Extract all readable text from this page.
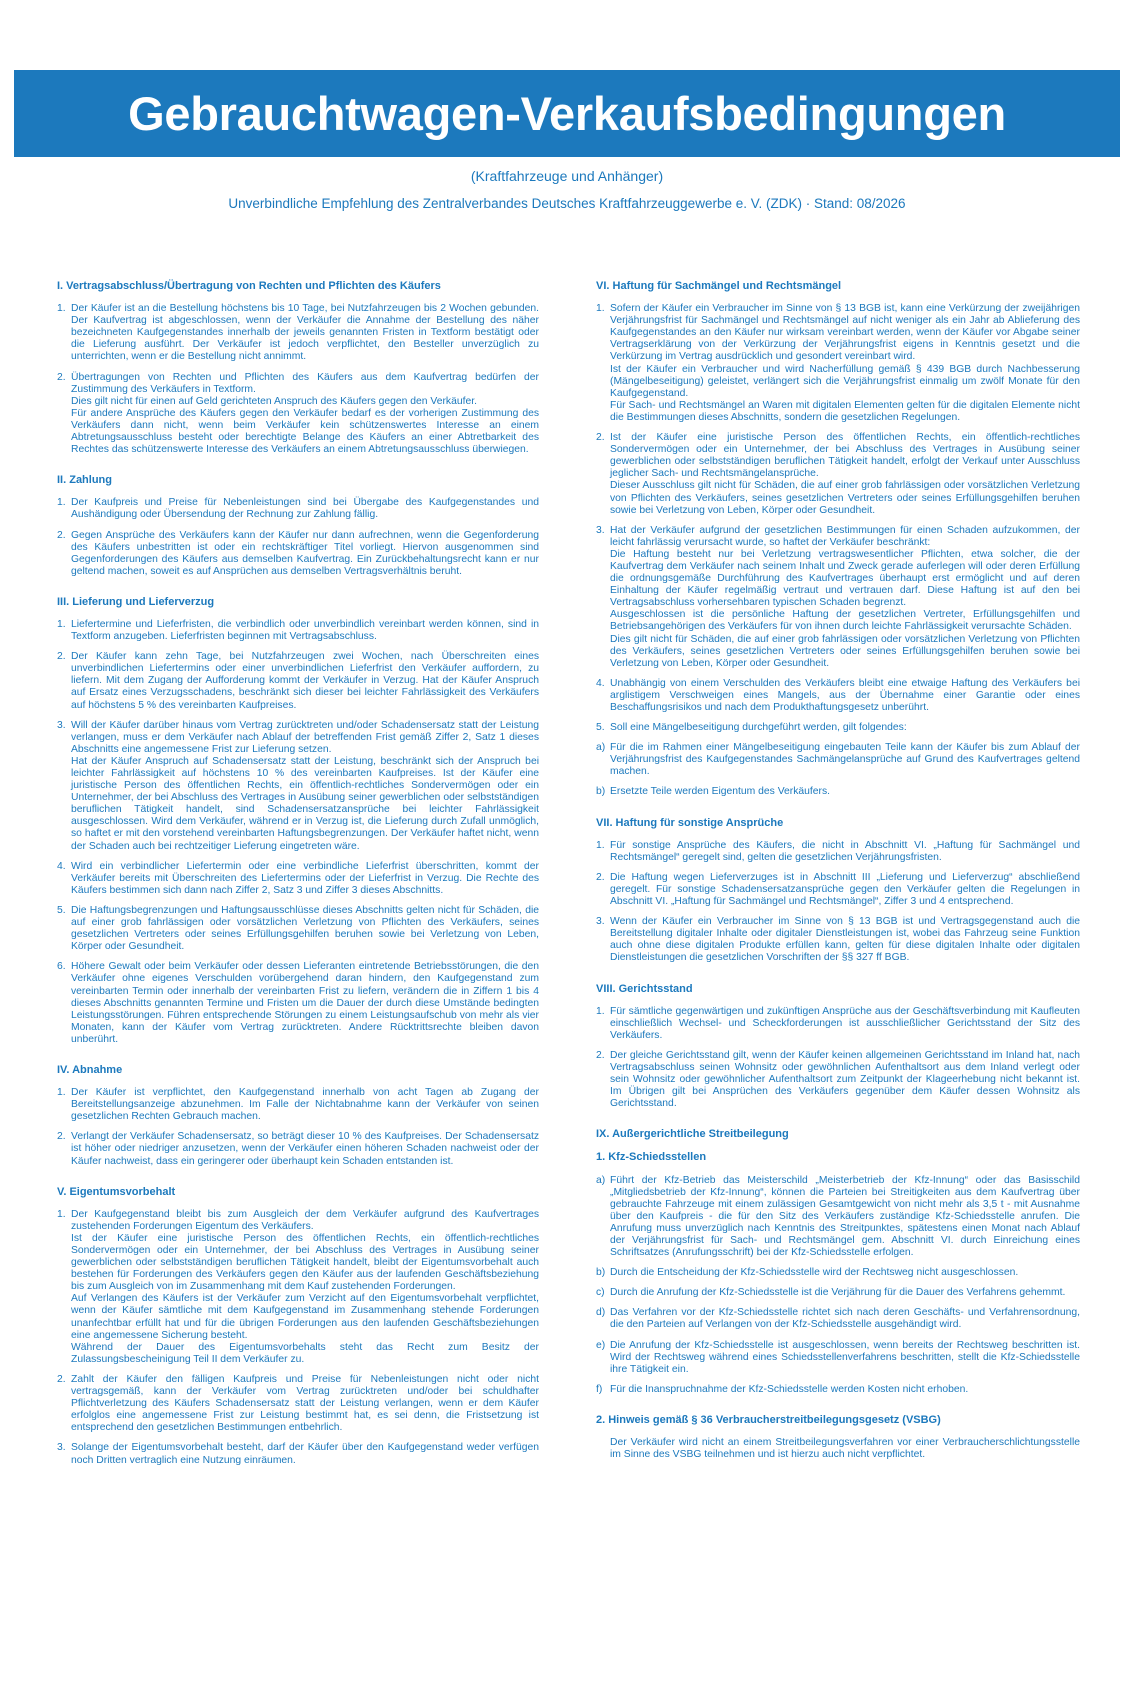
Gebrauchtwagen-Verkaufsbedingungen
(Kraftfahrzeuge und Anhänger)
Unverbindliche Empfehlung des Zentralverbandes Deutsches Kraftfahrzeuggewerbe e. V. (ZDK) · Stand: 08/2026
I. Vertragsabschluss/Übertragung von Rechten und Pflichten des Käufers
1. Der Käufer ist an die Bestellung höchstens bis 10 Tage, bei Nutzfahrzeugen bis 2 Wochen gebunden. Der Kaufvertrag ist abgeschlossen, wenn der Verkäufer die Annahme der Bestellung des näher bezeichneten Kaufgegenstandes innerhalb der jeweils genannten Fristen in Textform bestätigt oder die Lieferung ausführt. Der Verkäufer ist jedoch verpflichtet, den Besteller unverzüglich zu unterrichten, wenn er die Bestellung nicht annimmt.
2. Übertragungen von Rechten und Pflichten des Käufers aus dem Kaufvertrag bedürfen der Zustimmung des Verkäufers in Textform.
Dies gilt nicht für einen auf Geld gerichteten Anspruch des Käufers gegen den Verkäufer.
Für andere Ansprüche des Käufers gegen den Verkäufer bedarf es der vorherigen Zustimmung des Verkäufers dann nicht, wenn beim Verkäufer kein schützenswertes Interesse an einem Abtretungsausschluss besteht oder berechtigte Belange des Käufers an einer Abtretbarkeit des Rechtes das schützenswerte Interesse des Verkäufers an einem Abtretungsausschluss überwiegen.
II. Zahlung
1. Der Kaufpreis und Preise für Nebenleistungen sind bei Übergabe des Kaufgegenstandes und Aushändigung oder Übersendung der Rechnung zur Zahlung fällig.
2. Gegen Ansprüche des Verkäufers kann der Käufer nur dann aufrechnen, wenn die Gegenforderung des Käufers unbestritten ist oder ein rechtskräftiger Titel vorliegt. Hiervon ausgenommen sind Gegenforderungen des Käufers aus demselben Kaufvertrag. Ein Zurückbehaltungsrecht kann er nur geltend machen, soweit es auf Ansprüchen aus demselben Vertragsverhältnis beruht.
III. Lieferung und Lieferverzug
1. Liefertermine und Lieferfristen, die verbindlich oder unverbindlich vereinbart werden können, sind in Textform anzugeben. Lieferfristen beginnen mit Vertragsabschluss.
2. Der Käufer kann zehn Tage, bei Nutzfahrzeugen zwei Wochen, nach Überschreiten eines unverbindlichen Liefertermins oder einer unverbindlichen Lieferfrist den Verkäufer auffordern, zu liefern. Mit dem Zugang der Aufforderung kommt der Verkäufer in Verzug. Hat der Käufer Anspruch auf Ersatz eines Verzugsschadens, beschränkt sich dieser bei leichter Fahrlässigkeit des Verkäufers auf höchstens 5 % des vereinbarten Kaufpreises.
3. Will der Käufer darüber hinaus vom Vertrag zurücktreten und/oder Schadensersatz statt der Leistung verlangen, muss er dem Verkäufer nach Ablauf der betreffenden Frist gemäß Ziffer 2, Satz 1 dieses Abschnitts eine angemessene Frist zur Lieferung setzen.
Hat der Käufer Anspruch auf Schadensersatz statt der Leistung, beschränkt sich der Anspruch bei leichter Fahrlässigkeit auf höchstens 10 % des vereinbarten Kaufpreises. Ist der Käufer eine juristische Person des öffentlichen Rechts, ein öffentlich-rechtliches Sondervermögen oder ein Unternehmer, der bei Abschluss des Vertrages in Ausübung seiner gewerblichen oder selbstständigen beruflichen Tätigkeit handelt, sind Schadensersatzansprüche bei leichter Fahrlässigkeit ausgeschlossen. Wird dem Verkäufer, während er in Verzug ist, die Lieferung durch Zufall unmöglich, so haftet er mit den vorstehend vereinbarten Haftungsbegrenzungen. Der Verkäufer haftet nicht, wenn der Schaden auch bei rechtzeitiger Lieferung eingetreten wäre.
4. Wird ein verbindlicher Liefertermin oder eine verbindliche Lieferfrist überschritten, kommt der Verkäufer bereits mit Überschreiten des Liefertermins oder der Lieferfrist in Verzug. Die Rechte des Käufers bestimmen sich dann nach Ziffer 2, Satz 3 und Ziffer 3 dieses Abschnitts.
5. Die Haftungsbegrenzungen und Haftungsausschlüsse dieses Abschnitts gelten nicht für Schäden, die auf einer grob fahrlässigen oder vorsätzlichen Verletzung von Pflichten des Verkäufers, seines gesetzlichen Vertreters oder seines Erfüllungsgehilfen beruhen sowie bei Verletzung von Leben, Körper oder Gesundheit.
6. Höhere Gewalt oder beim Verkäufer oder dessen Lieferanten eintretende Betriebsstörungen, die den Verkäufer ohne eigenes Verschulden vorübergehend daran hindern, den Kaufgegenstand zum vereinbarten Termin oder innerhalb der vereinbarten Frist zu liefern, verändern die in Ziffern 1 bis 4 dieses Abschnitts genannten Termine und Fristen um die Dauer der durch diese Umstände bedingten Leistungsstörungen. Führen entsprechende Störungen zu einem Leistungsaufschub von mehr als vier Monaten, kann der Käufer vom Vertrag zurücktreten. Andere Rücktrittsrechte bleiben davon unberührt.
IV. Abnahme
1. Der Käufer ist verpflichtet, den Kaufgegenstand innerhalb von acht Tagen ab Zugang der Bereitstellungsanzeige abzunehmen. Im Falle der Nichtabnahme kann der Verkäufer von seinen gesetzlichen Rechten Gebrauch machen.
2. Verlangt der Verkäufer Schadensersatz, so beträgt dieser 10 % des Kaufpreises. Der Schadensersatz ist höher oder niedriger anzusetzen, wenn der Verkäufer einen höheren Schaden nachweist oder der Käufer nachweist, dass ein geringerer oder überhaupt kein Schaden entstanden ist.
V. Eigentumsvorbehalt
1. Der Kaufgegenstand bleibt bis zum Ausgleich der dem Verkäufer aufgrund des Kaufvertrages zustehenden Forderungen Eigentum des Verkäufers.
Ist der Käufer eine juristische Person des öffentlichen Rechts, ein öffentlich-rechtliches Sondervermögen oder ein Unternehmer, der bei Abschluss des Vertrages in Ausübung seiner gewerblichen oder selbstständigen beruflichen Tätigkeit handelt, bleibt der Eigentumsvorbehalt auch bestehen für Forderungen des Verkäufers gegen den Käufer aus der laufenden Geschäftsbeziehung bis zum Ausgleich von im Zusammenhang mit dem Kauf zustehenden Forderungen.
Auf Verlangen des Käufers ist der Verkäufer zum Verzicht auf den Eigentumsvorbehalt verpflichtet, wenn der Käufer sämtliche mit dem Kaufgegenstand im Zusammenhang stehende Forderungen unanfechtbar erfüllt hat und für die übrigen Forderungen aus den laufenden Geschäftsbeziehungen eine angemessene Sicherung besteht.
Während der Dauer des Eigentumsvorbehalts steht das Recht zum Besitz der Zulassungsbescheinigung Teil II dem Verkäufer zu.
2. Zahlt der Käufer den fälligen Kaufpreis und Preise für Nebenleistungen nicht oder nicht vertragsgemäß, kann der Verkäufer vom Vertrag zurücktreten und/oder bei schuldhafter Pflichtverletzung des Käufers Schadensersatz statt der Leistung verlangen, wenn er dem Käufer erfolglos eine angemessene Frist zur Leistung bestimmt hat, es sei denn, die Fristsetzung ist entsprechend den gesetzlichen Bestimmungen entbehrlich.
3. Solange der Eigentumsvorbehalt besteht, darf der Käufer über den Kaufgegenstand weder verfügen noch Dritten vertraglich eine Nutzung einräumen.
VI. Haftung für Sachmängel und Rechtsmängel
1. Sofern der Käufer ein Verbraucher im Sinne von § 13 BGB ist, kann eine Verkürzung der zweijährigen Verjährungsfrist für Sachmängel und Rechtsmängel auf nicht weniger als ein Jahr ab Ablieferung des Kaufgegenstandes an den Käufer nur wirksam vereinbart werden, wenn der Käufer vor Abgabe seiner Vertragserklärung von der Verkürzung der Verjährungsfrist eigens in Kenntnis gesetzt und die Verkürzung im Vertrag ausdrücklich und gesondert vereinbart wird.
Ist der Käufer ein Verbraucher und wird Nacherfüllung gemäß § 439 BGB durch Nachbesserung (Mängelbeseitigung) geleistet, verlängert sich die Verjährungsfrist einmalig um zwölf Monate für den Kaufgegenstand.
Für Sach- und Rechtsmängel an Waren mit digitalen Elementen gelten für die digitalen Elemente nicht die Bestimmungen dieses Abschnitts, sondern die gesetzlichen Regelungen.
2. Ist der Käufer eine juristische Person des öffentlichen Rechts, ein öffentlich-rechtliches Sondervermögen oder ein Unternehmer, der bei Abschluss des Vertrages in Ausübung seiner gewerblichen oder selbstständigen beruflichen Tätigkeit handelt, erfolgt der Verkauf unter Ausschluss jeglicher Sach- und Rechtsmängelansprüche.
Dieser Ausschluss gilt nicht für Schäden, die auf einer grob fahrlässigen oder vorsätzlichen Verletzung von Pflichten des Verkäufers, seines gesetzlichen Vertreters oder seines Erfüllungsgehilfen beruhen sowie bei Verletzung von Leben, Körper oder Gesundheit.
3. Hat der Verkäufer aufgrund der gesetzlichen Bestimmungen für einen Schaden aufzukommen, der leicht fahrlässig verursacht wurde, so haftet der Verkäufer beschränkt:
Die Haftung besteht nur bei Verletzung vertragswesentlicher Pflichten, etwa solcher, die der Kaufvertrag dem Verkäufer nach seinem Inhalt und Zweck gerade auferlegen will oder deren Erfüllung die ordnungsgemäße Durchführung des Kaufvertrages überhaupt erst ermöglicht und auf deren Einhaltung der Käufer regelmäßig vertraut und vertrauen darf. Diese Haftung ist auf den bei Vertragsabschluss vorhersehbaren typischen Schaden begrenzt.
Ausgeschlossen ist die persönliche Haftung der gesetzlichen Vertreter, Erfüllungsgehilfen und Betriebsangehörigen des Verkäufers für von ihnen durch leichte Fahrlässigkeit verursachte Schäden.
Dies gilt nicht für Schäden, die auf einer grob fahrlässigen oder vorsätzlichen Verletzung von Pflichten des Verkäufers, seines gesetzlichen Vertreters oder seines Erfüllungsgehilfen beruhen sowie bei Verletzung von Leben, Körper oder Gesundheit.
4. Unabhängig von einem Verschulden des Verkäufers bleibt eine etwaige Haftung des Verkäufers bei arglistigem Verschweigen eines Mangels, aus der Übernahme einer Garantie oder eines Beschaffungsrisikos und nach dem Produkthaftungsgesetz unberührt.
5. Soll eine Mängelbeseitigung durchgeführt werden, gilt folgendes:
a) Für die im Rahmen einer Mängelbeseitigung eingebauten Teile kann der Käufer bis zum Ablauf der Verjährungsfrist des Kaufgegenstandes Sachmängelansprüche auf Grund des Kaufvertrages geltend machen.
b) Ersetzte Teile werden Eigentum des Verkäufers.
VII. Haftung für sonstige Ansprüche
1. Für sonstige Ansprüche des Käufers, die nicht in Abschnitt VI. „Haftung für Sachmängel und Rechtsmängel“ geregelt sind, gelten die gesetzlichen Verjährungsfristen.
2. Die Haftung wegen Lieferverzuges ist in Abschnitt III „Lieferung und Lieferverzug“ abschließend geregelt. Für sonstige Schadensersatzansprüche gegen den Verkäufer gelten die Regelungen in Abschnitt VI. „Haftung für Sachmängel und Rechtsmängel“, Ziffer 3 und 4 entsprechend.
3. Wenn der Käufer ein Verbraucher im Sinne von § 13 BGB ist und Vertragsgegenstand auch die Bereitstellung digitaler Inhalte oder digitaler Dienstleistungen ist, wobei das Fahrzeug seine Funktion auch ohne diese digitalen Produkte erfüllen kann, gelten für diese digitalen Inhalte oder digitalen Dienstleistungen die gesetzlichen Vorschriften der §§ 327 ff BGB.
VIII. Gerichtsstand
1. Für sämtliche gegenwärtigen und zukünftigen Ansprüche aus der Geschäftsverbindung mit Kaufleuten einschließlich Wechsel- und Scheckforderungen ist ausschließlicher Gerichtsstand der Sitz des Verkäufers.
2. Der gleiche Gerichtsstand gilt, wenn der Käufer keinen allgemeinen Gerichtsstand im Inland hat, nach Vertragsabschluss seinen Wohnsitz oder gewöhnlichen Aufenthaltsort aus dem Inland verlegt oder sein Wohnsitz oder gewöhnlicher Aufenthaltsort zum Zeitpunkt der Klageerhebung nicht bekannt ist. Im Übrigen gilt bei Ansprüchen des Verkäufers gegenüber dem Käufer dessen Wohnsitz als Gerichtsstand.
IX. Außergerichtliche Streitbeilegung
1. Kfz-Schiedsstellen
a) Führt der Kfz-Betrieb das Meisterschild „Meisterbetrieb der Kfz-Innung“ oder das Basisschild „Mitgliedsbetrieb der Kfz-Innung“, können die Parteien bei Streitigkeiten aus dem Kaufvertrag über gebrauchte Fahrzeuge mit einem zulässigen Gesamtgewicht von nicht mehr als 3,5 t - mit Ausnahme über den Kaufpreis - die für den Sitz des Verkäufers zuständige Kfz-Schiedsstelle anrufen. Die Anrufung muss unverzüglich nach Kenntnis des Streitpunktes, spätestens einen Monat nach Ablauf der Verjährungsfrist für Sach- und Rechtsmängel gem. Abschnitt VI. durch Einreichung eines Schriftsatzes (Anrufungsschrift) bei der Kfz-Schiedsstelle erfolgen.
b) Durch die Entscheidung der Kfz-Schiedsstelle wird der Rechtsweg nicht ausgeschlossen.
c) Durch die Anrufung der Kfz-Schiedsstelle ist die Verjährung für die Dauer des Verfahrens gehemmt.
d) Das Verfahren vor der Kfz-Schiedsstelle richtet sich nach deren Geschäfts- und Verfahrensordnung, die den Parteien auf Verlangen von der Kfz-Schiedsstelle ausgehändigt wird.
e) Die Anrufung der Kfz-Schiedsstelle ist ausgeschlossen, wenn bereits der Rechtsweg beschritten ist. Wird der Rechtsweg während eines Schiedsstellenverfahrens beschritten, stellt die Kfz-Schiedsstelle ihre Tätigkeit ein.
f) Für die Inanspruchnahme der Kfz-Schiedsstelle werden Kosten nicht erhoben.
2. Hinweis gemäß § 36 Verbraucherstreitbeilegungsgesetz (VSBG)
Der Verkäufer wird nicht an einem Streitbeilegungsverfahren vor einer Verbraucherschlichtungsstelle im Sinne des VSBG teilnehmen und ist hierzu auch nicht verpflichtet.
